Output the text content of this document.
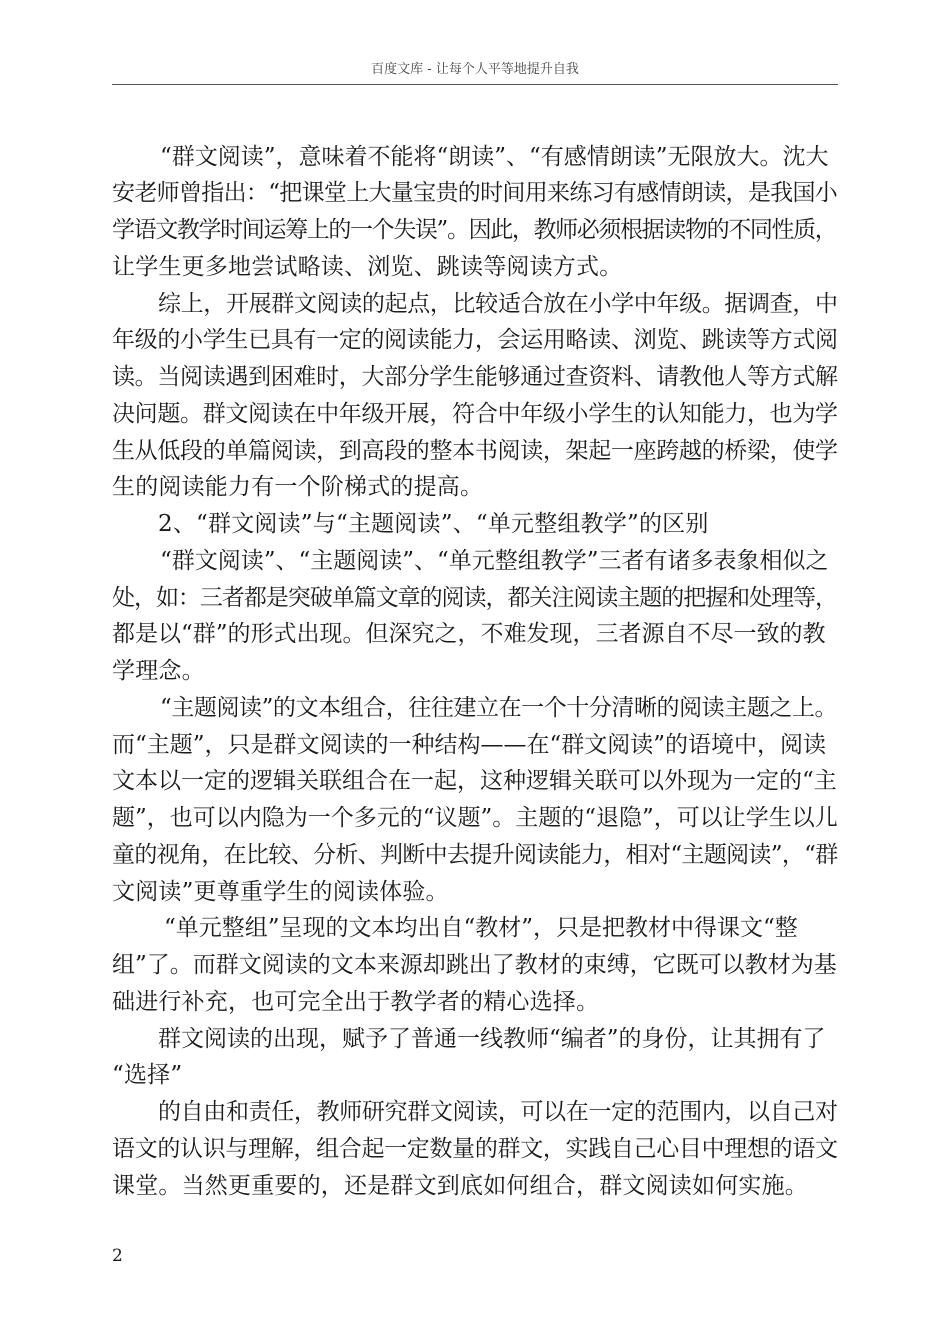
百度文库 - 让每个人平等地提升自我
“群文阅读”，意味着不能将“朗读”、“有感情朗读”无限放大。沈大
安老师曾指出：“把课堂上大量宝贵的时间用来练习有感情朗读，是我国小
学语文教学时间运筹上的一个失误”。因此，教师必须根据读物的不同性质，
让学生更多地尝试略读、浏览、跳读等阅读方式。
综上，开展群文阅读的起点，比较适合放在小学中年级。据调查，中
年级的小学生已具有一定的阅读能力，会运用略读、浏览、跳读等方式阅
读。当阅读遇到困难时，大部分学生能够通过查资料、请教他人等方式解
决问题。群文阅读在中年级开展，符合中年级小学生的认知能力，也为学
生从低段的单篇阅读，到高段的整本书阅读，架起一座跨越的桥梁，使学
生的阅读能力有一个阶梯式的提高。
2、“群文阅读”与“主题阅读”、“单元整组教学”的区别
“群文阅读”、“主题阅读”、“单元整组教学”三者有诸多表象相似之
处，如：三者都是突破单篇文章的阅读，都关注阅读主题的把握和处理等，
都是以“群”的形式出现。但深究之，不难发现，三者源自不尽一致的教
学理念。
“主题阅读”的文本组合，往往建立在一个十分清晰的阅读主题之上。
而“主题”，只是群文阅读的一种结构——在“群文阅读”的语境中，阅读
文本以一定的逻辑关联组合在一起，这种逻辑关联可以外现为一定的“主
题”，也可以内隐为一个多元的“议题”。主题的“退隐”，可以让学生以儿
童的视角，在比较、分析、判断中去提升阅读能力，相对“主题阅读”，“群
文阅读”更尊重学生的阅读体验。
“单元整组”呈现的文本均出自“教材”，只是把教材中得课文“整
组”了。而群文阅读的文本来源却跳出了教材的束缚，它既可以教材为基
础进行补充，也可完全出于教学者的精心选择。
群文阅读的出现，赋予了普通一线教师“编者”的身份，让其拥有了
“选择”
的自由和责任，教师研究群文阅读，可以在一定的范围内，以自己对
语文的认识与理解，组合起一定数量的群文，实践自己心目中理想的语文
课堂。当然更重要的，还是群文到底如何组合，群文阅读如何实施。
2
